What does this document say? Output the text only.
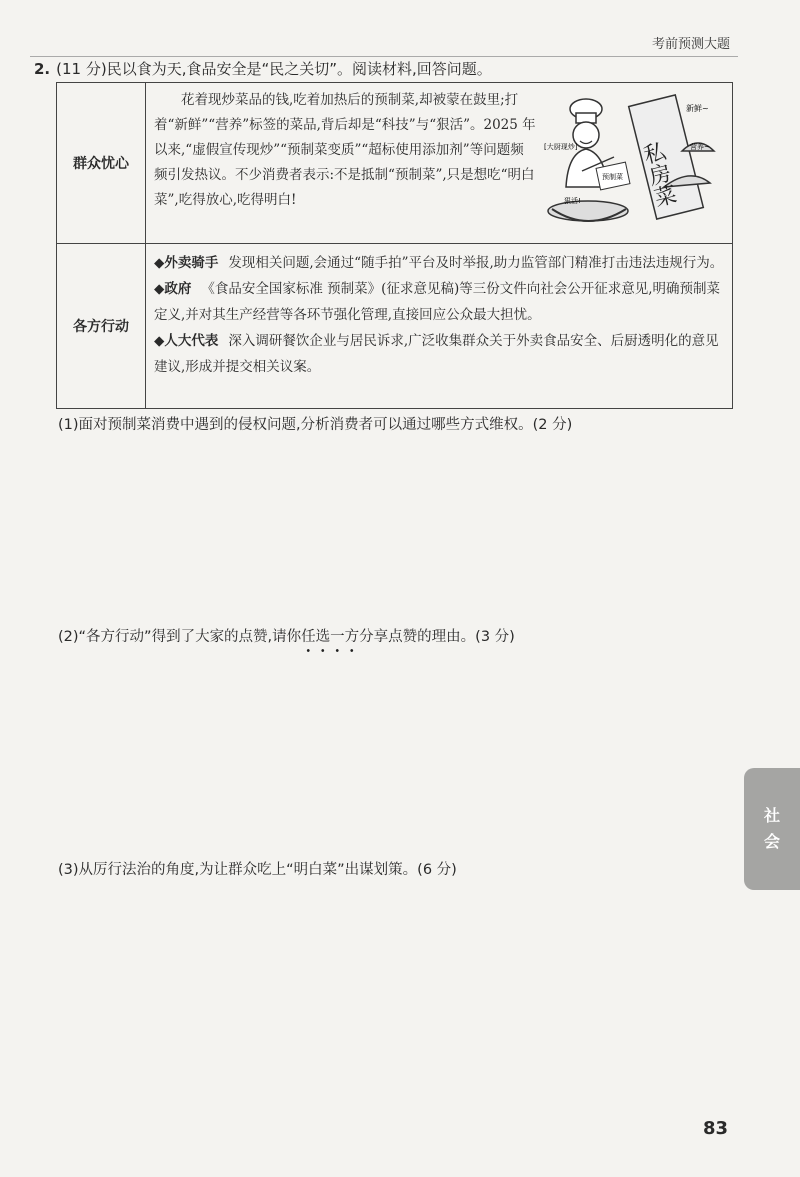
考前预测大题
2. (11 分)民以食为天,食品安全是“民之关切”。阅读材料,回答问题。
群众忧心
花着现炒菜品的钱,吃着加热后的预制菜,却被蒙在鼓里;打着“新鲜”“营养”标签的菜品,背后却是“科技”与“狠活”。2025 年以来,“虚假宣传现炒”“预制菜变质”“超标使用添加剂”等问题频频引发热议。不少消费者表示:不是抵制“预制菜”,只是想吃“明白菜”,吃得放心,吃得明白!
[大厨现炒]
新鲜~
私房菜
预制菜
营养~
狠活!
各方行动

◆外卖骑手 发现相关问题,会通过“随手拍”平台及时举报,助力监管部门精准打击违法违规行为。

◆政府 《食品安全国家标准 预制菜》(征求意见稿)等三份文件向社会公开征求意见,明确预制菜定义,并对其生产经营等各环节强化管理,直接回应公众最大担忧。

◆人大代表 深入调研餐饮企业与居民诉求,广泛收集群众关于外卖食品安全、后厨透明化的意见建议,形成并提交相关议案。

(1)面对预制菜消费中遇到的侵权问题,分析消费者可以通过哪些方式维权。(2 分)
(2)“各方行动”得到了大家的点赞,请你任选一方分享点赞的理由。(3 分)
(3)从厉行法治的角度,为让群众吃上“明白菜”出谋划策。(6 分)
社
会
83
